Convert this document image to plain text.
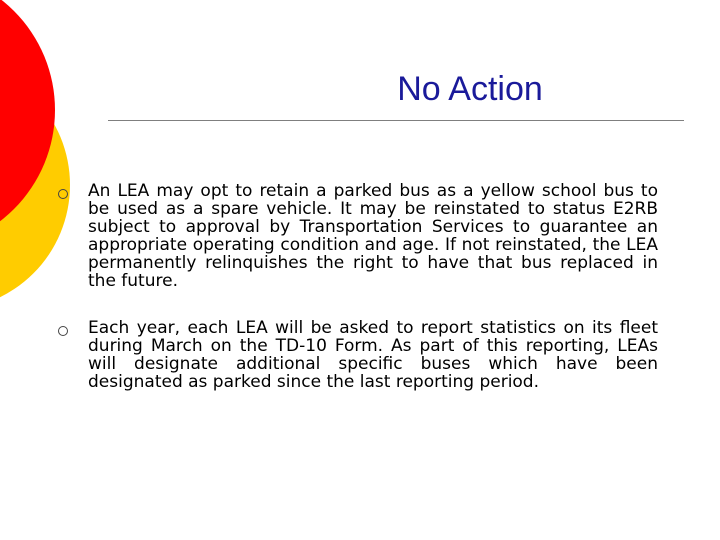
No Action
An LEA may opt to retain a parked bus as a yellow school bus to be used as a spare vehicle. It may be reinstated to status E2RB subject to approval by Transportation Services to guarantee an appropriate operating condition and age. If not reinstated, the LEA permanently relinquishes the right to have that bus replaced in the future.
Each year, each LEA will be asked to report statistics on its fleet during March on the TD-10 Form. As part of this reporting, LEAs will designate additional specific buses which have been designated as parked since the last reporting period.
